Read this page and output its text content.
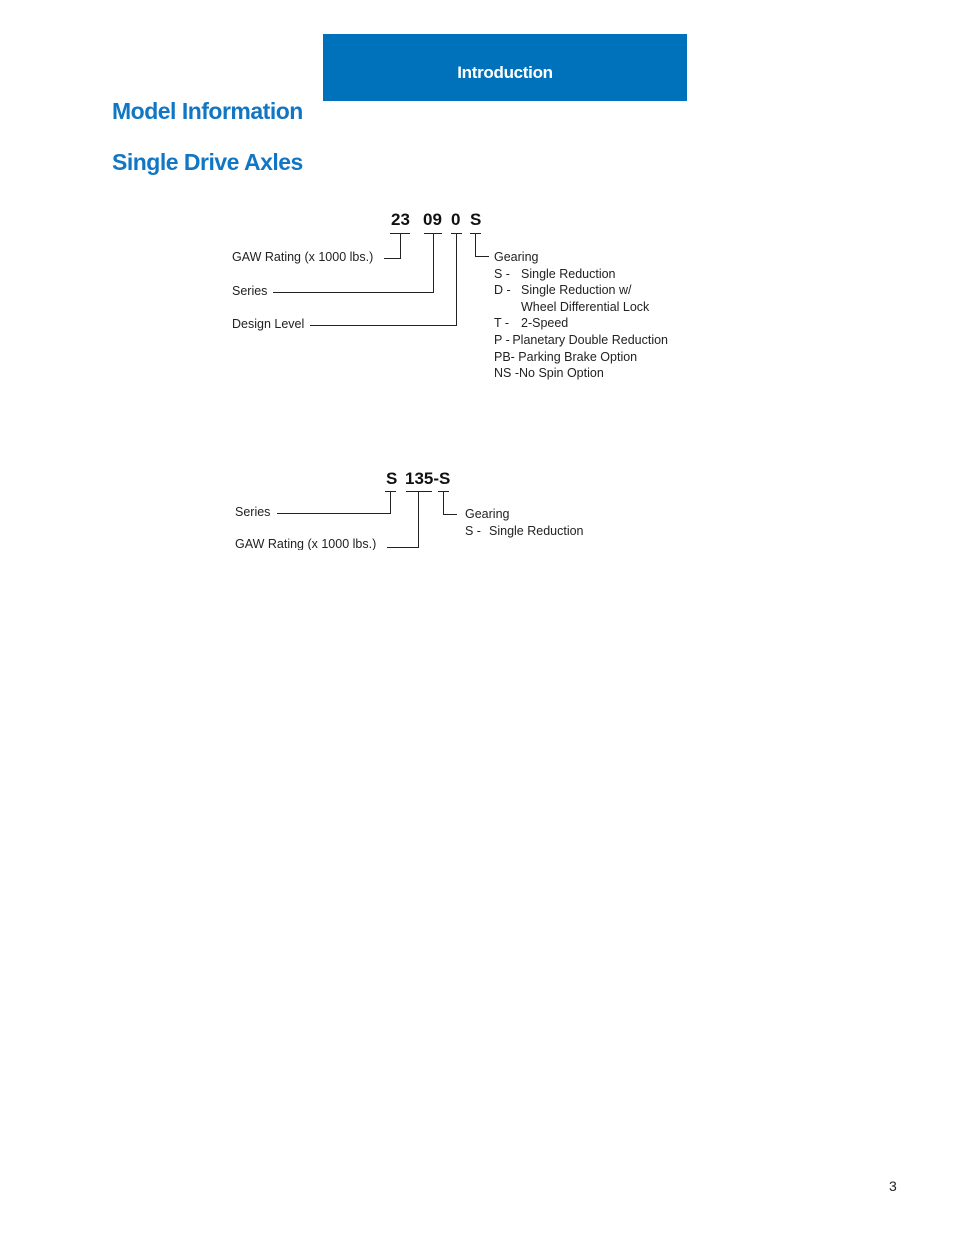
Introduction
Model Information
Single Drive Axles
23 09 0 S
GAW Rating (x 1000 lbs.)
Series
Design Level
Gearing
S - Single Reduction
D - Single Reduction w/
Wheel Differential Lock
T - 2-Speed
P - Planetary Double Reduction
PB- Parking Brake Option
NS -No Spin Option
S 135-S
Series
GAW Rating (x 1000 lbs.)
Gearing
S - Single Reduction
3
